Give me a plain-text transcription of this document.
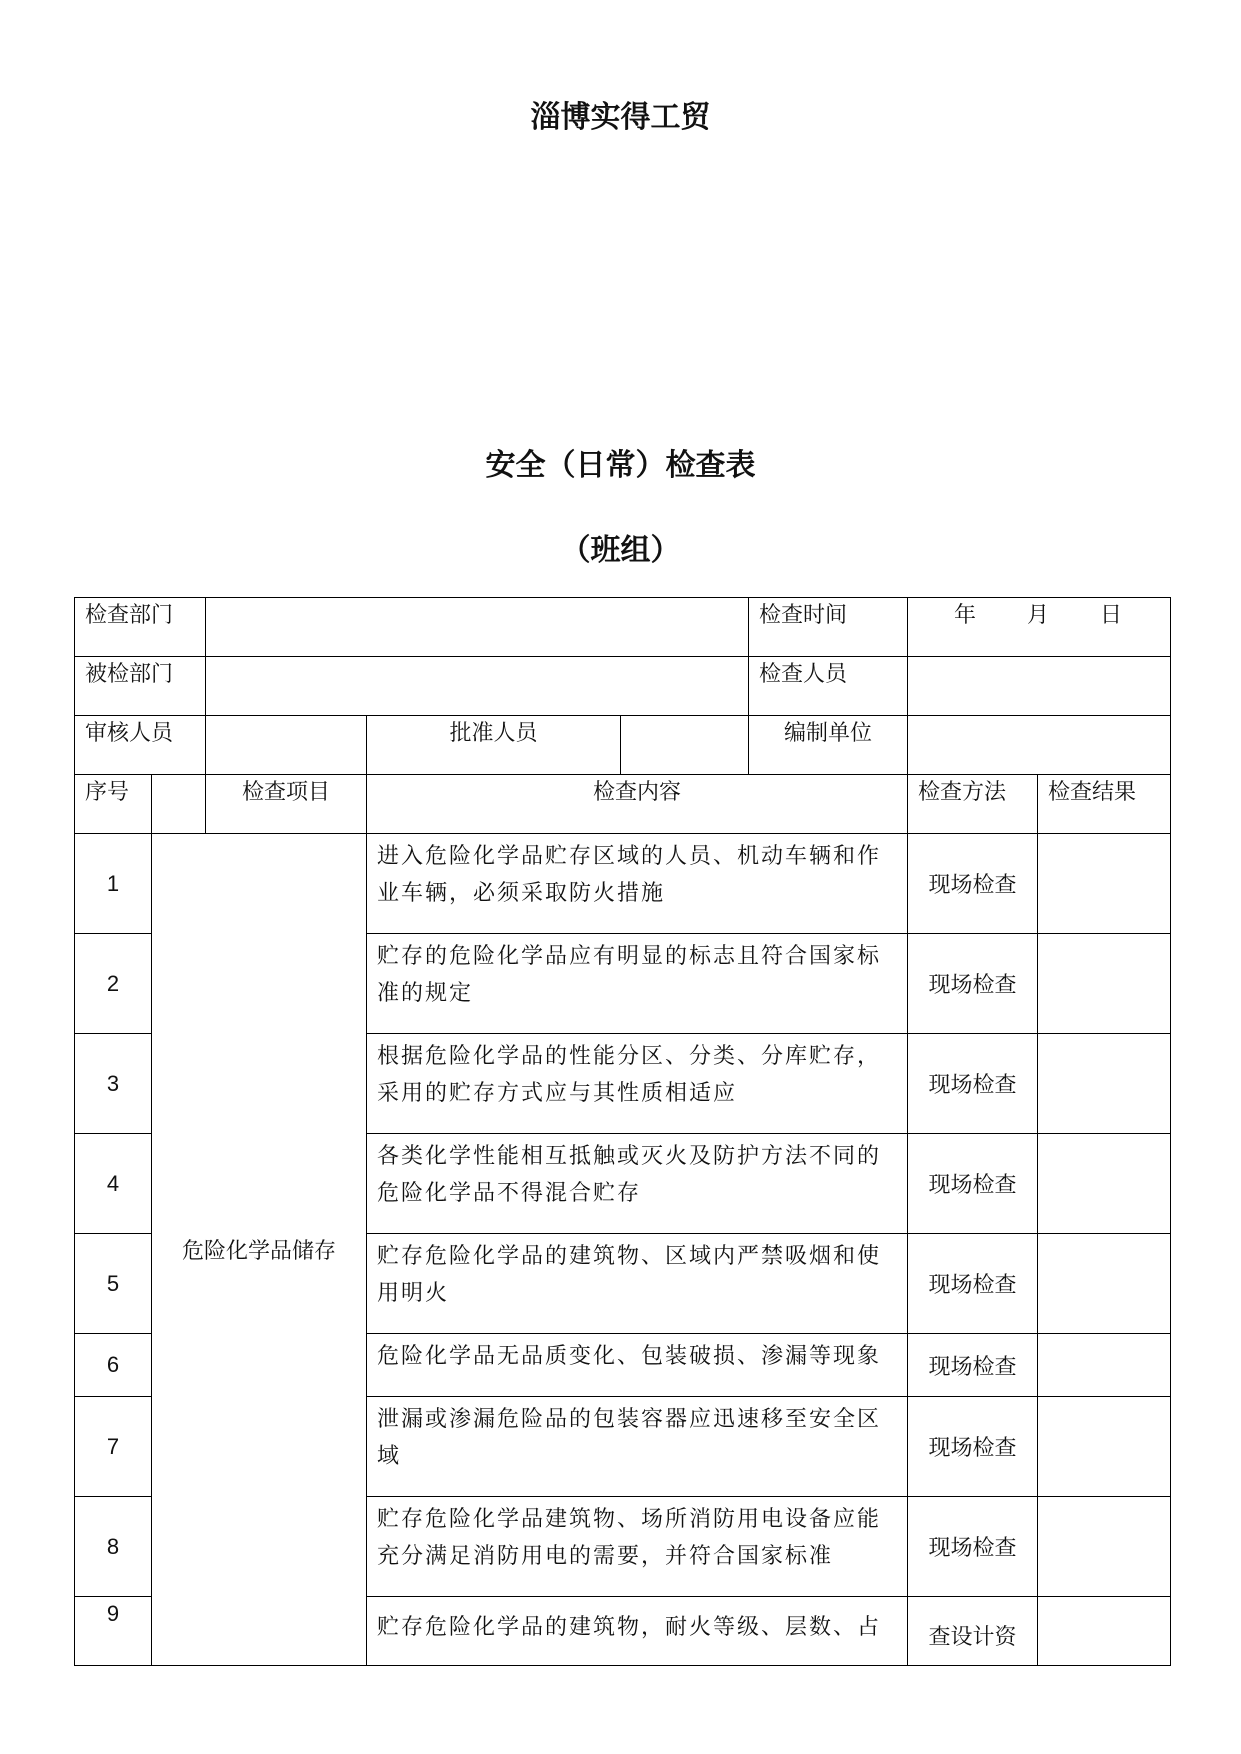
淄博实得工贸
安全（日常）检查表
（班组）
检查部门					检查时间	年 月 日	
被检部门					检查人员		
审核人员			批准人员		编制单位		
序号		检查项目	检查内容			检查方法	检查结果
1	危险化学品储存		进入危险化学品贮存区域的人员、机动车辆和作业车辆，必须采取防火措施			现场检查	
2			贮存的危险化学品应有明显的标志且符合国家标准的规定			现场检查	
3			根据危险化学品的性能分区、分类、分库贮存，采用的贮存方式应与其性质相适应			现场检查	
4			各类化学性能相互抵触或灭火及防护方法不同的危险化学品不得混合贮存			现场检查	
5			贮存危险化学品的建筑物、区域内严禁吸烟和使用明火			现场检查	
6			危险化学品无品质变化、包装破损、渗漏等现象			现场检查	
7			泄漏或渗漏危险品的包装容器应迅速移至安全区域			现场检查	
8			贮存危险化学品建筑物、场所消防用电设备应能充分满足消防用电的需要，并符合国家标准			现场检查	
9			贮存危险化学品的建筑物，耐火等级、层数、占			查设计资	
